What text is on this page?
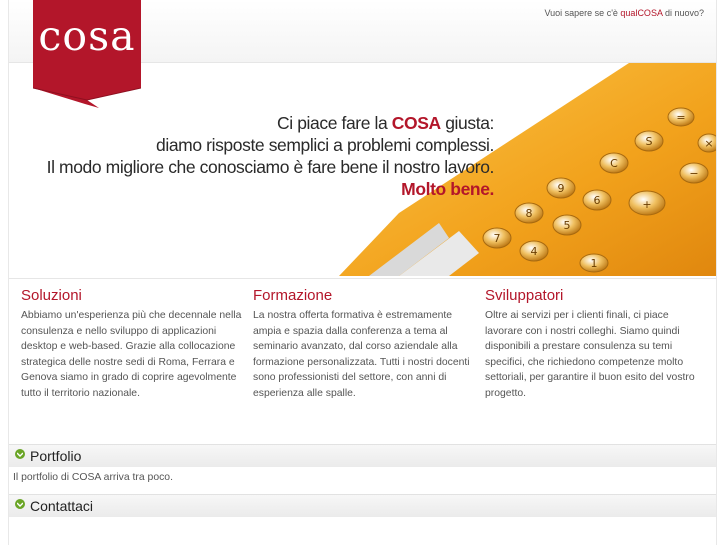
Vuoi sapere se c'è qualCOSA di nuovo?
7
8
9
4
5
6
C
S
=
+
−
×
1
Ci piace fare la COSA giusta:
diamo risposte semplici a problemi complessi.
Il modo migliore che conosciamo è fare bene il nostro lavoro.
Molto bene.
cosa
Soluzioni

Abbiamo un'esperienza più che decennale nella consulenza e nello sviluppo di applicazioni desktop e web-based. Grazie alla collocazione strategica delle nostre sedi di Roma, Ferrara e Genova siamo in grado di coprire agevolmente tutto il territorio nazionale.

Formazione

La nostra offerta formativa è estremamente ampia e spazia dalla conferenza a tema al seminario avanzato, dal corso aziendale alla formazione personalizzata. Tutti i nostri docenti sono professionisti del settore, con anni di esperienza alle spalle.

Sviluppatori

Oltre ai servizi per i clienti finali, ci piace lavorare con i nostri colleghi. Siamo quindi disponibili a prestare consulenza su temi specifici, che richiedono competenze molto settoriali, per garantire il buon esito del vostro progetto.

Portfolio
Il portfolio di COSA arriva tra poco.
Contattaci
